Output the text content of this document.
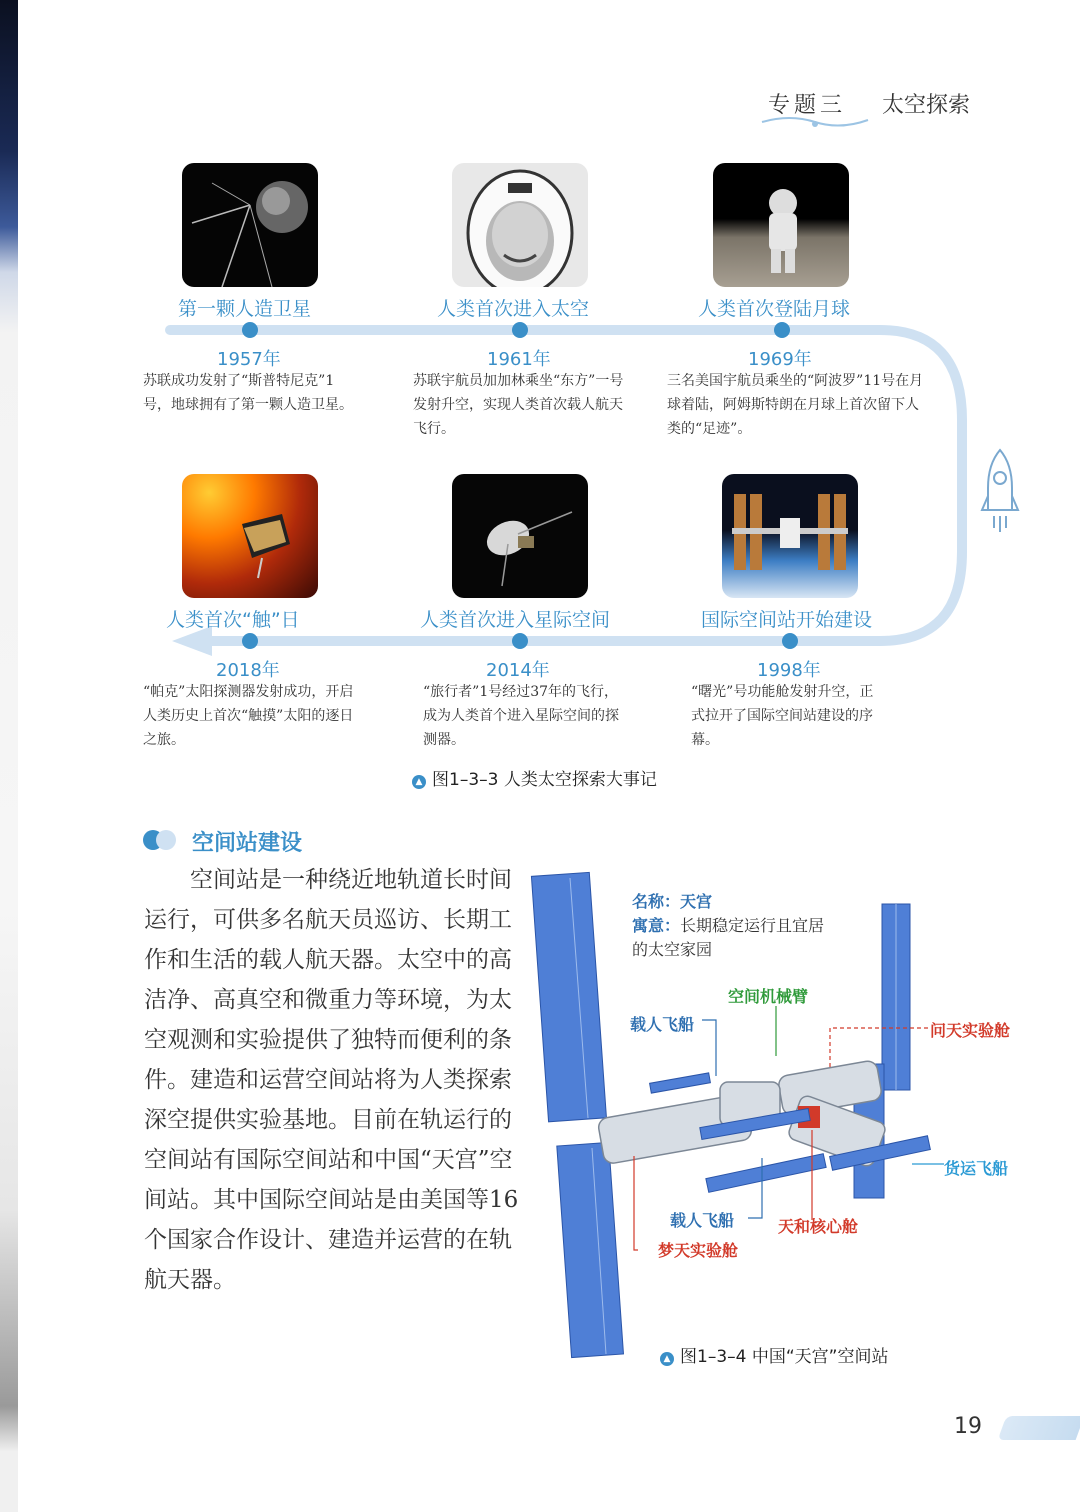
专题三 太空探索
第一颗人造卫星
1957年
苏联成功发射了“斯普特尼克”1号，地球拥有了第一颗人造卫星。
人类首次进入太空
1961年
苏联宇航员加加林乘坐“东方”一号发射升空，实现人类首次载人航天飞行。
人类首次登陆月球
1969年
三名美国宇航员乘坐的“阿波罗”11号在月球着陆，阿姆斯特朗在月球上首次留下人类的“足迹”。
人类首次“触”日
2018年
“帕克”太阳探测器发射成功，开启人类历史上首次“触摸”太阳的逐日之旅。
人类首次进入星际空间
2014年
“旅行者”1号经过37年的飞行，成为人类首个进入星际空间的探测器。
国际空间站开始建设
1998年
“曙光”号功能舱发射升空，正式拉开了国际空间站建设的序幕。
▲ 图1–3–3 人类太空探索大事记
空间站建设

空间站是一种绕近地轨道长时间运行，可供多名航天员巡访、长期工作和生活的载人航天器。太空中的高洁净、高真空和微重力等环境，为太空观测和实验提供了独特而便利的条件。建造和运营空间站将为人类探索深空提供实验基地。目前在轨运行的空间站有国际空间站和中国“天宫”空间站。其中国际空间站是由美国等16个国家合作设计、建造并运营的在轨航天器。

名称：天宫
寓意：长期稳定运行且宜居
的太空家园
空间机械臂
载人飞船	问天实验舱
货运飞船
载人飞船	天和核心舱
梦天实验舱
▲ 图1–3–4 中国“天宫”空间站
19
